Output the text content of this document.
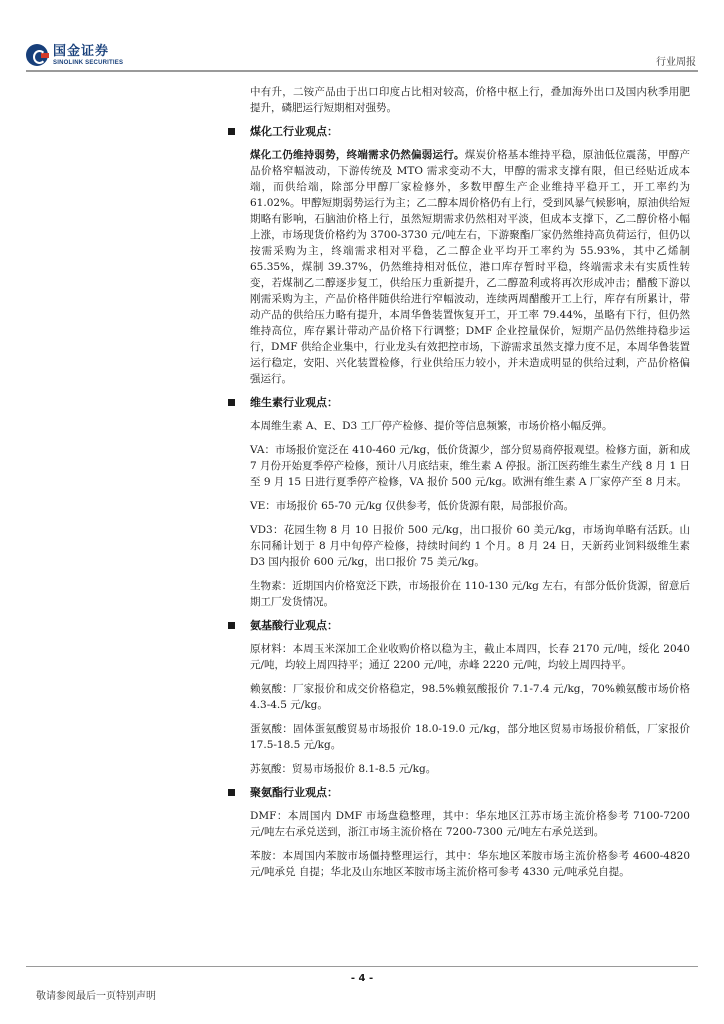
国金证券
SINOLINK SECURITIES	行业周报

中有升，二铵产品由于出口印度占比相对较高，价格中枢上行，叠加海外出口及国内秋季用肥提升，磷肥运行短期相对强势。

煤化工行业观点：

煤化工仍维持弱势，终端需求仍然偏弱运行。煤炭价格基本维持平稳，原油低位震荡，甲醇产品价格窄幅波动，下游传统及 MTO 需求变动不大，甲醇的需求支撑有限，但已经贴近成本端，而供给端，除部分甲醇厂家检修外，多数甲醇生产企业维持平稳开工，开工率约为 61.02%。甲醇短期弱势运行为主；乙二醇本周价格仍有上行，受到风暴气候影响，原油供给短期略有影响，石脑油价格上行，虽然短期需求仍然相对平淡，但成本支撑下，乙二醇价格小幅上涨，市场现货价格约为 3700-3730 元/吨左右，下游聚酯厂家仍然维持高负荷运行，但仍以按需采购为主，终端需求相对平稳，乙二醇企业平均开工率约为 55.93%，其中乙烯制 65.35%，煤制 39.37%，仍然维持相对低位，港口库存暂时平稳，终端需求未有实质性转变，若煤制乙二醇逐步复工，供给压力重新提升，乙二醇盈利或将再次形成冲击；醋酸下游以刚需采购为主，产品价格伴随供给进行窄幅波动，连续两周醋酸开工上行，库存有所累计，带动产品的供给压力略有提升，本周华鲁装置恢复开工，开工率 79.44%，虽略有下行，但仍然维持高位，库存累计带动产品价格下行调整；DMF 企业控量保价，短期产品仍然维持稳步运行，DMF 供给企业集中，行业龙头有效把控市场，下游需求虽然支撑力度不足，本周华鲁装置运行稳定，安阳、兴化装置检修，行业供给压力较小，并未造成明显的供给过剩，产品价格偏强运行。

维生素行业观点：

本周维生素 A、E、D3 工厂停产检修、提价等信息频繁，市场价格小幅反弹。

VA：市场报价宽泛在 410-460 元/kg，低价货源少，部分贸易商停报观望。检修方面，新和成 7 月份开始夏季停产检修，预计八月底结束，维生素 A 停报。浙江医药维生素生产线 8 月 1 日至 9 月 15 日进行夏季停产检修，VA 报价 500 元/kg。欧洲有维生素 A 厂家停产至 8 月末。

VE：市场报价 65-70 元/kg 仅供参考，低价货源有限，局部报价高。

VD3：花园生物 8 月 10 日报价 500 元/kg，出口报价 60 美元/kg，市场询单略有活跃。山东同稀计划于 8 月中旬停产检修，持续时间约 1 个月。8 月 24 日，天新药业饲料级维生素 D3 国内报价 600 元/kg，出口报价 75 美元/kg。

生物素：近期国内价格宽泛下跌，市场报价在 110-130 元/kg 左右，有部分低价货源，留意后期工厂发货情况。

氨基酸行业观点：

原材料：本周玉米深加工企业收购价格以稳为主，截止本周四，长春 2170 元/吨，绥化 2040 元/吨，均较上周四持平；通辽 2200 元/吨，赤峰 2220 元/吨，均较上周四持平。

赖氨酸：厂家报价和成交价格稳定，98.5%赖氨酸报价 7.1-7.4 元/kg，70%赖氨酸市场价格 4.3-4.5 元/kg。

蛋氨酸：固体蛋氨酸贸易市场报价 18.0-19.0 元/kg，部分地区贸易市场报价稍低，厂家报价 17.5-18.5 元/kg。

苏氨酸：贸易市场报价 8.1-8.5 元/kg。

聚氨酯行业观点：

DMF：本周国内 DMF 市场盘稳整理，其中：华东地区江苏市场主流价格参考 7100-7200 元/吨左右承兑送到，浙江市场主流价格在 7200-7300 元/吨左右承兑送到。

苯胺：本周国内苯胺市场僵持整理运行，其中：华东地区苯胺市场主流价格参考 4600-4820 元/吨承兑 自提；华北及山东地区苯胺市场主流价格可参考 4330 元/吨承兑自提。

- 4 -
敬请参阅最后一页特别声明
